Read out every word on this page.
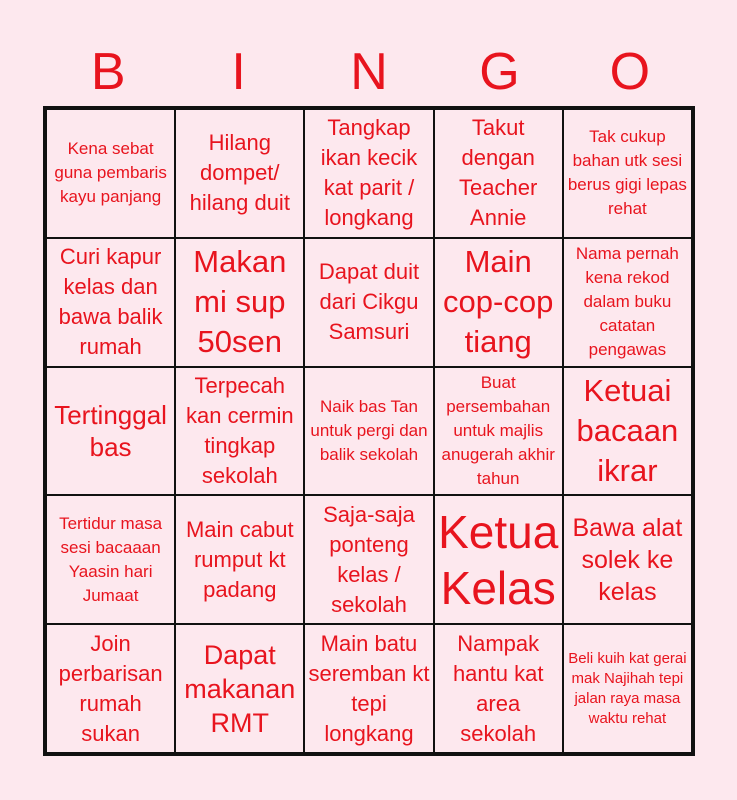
B	I	N	G	O
Kena sebat guna pembaris kayu panjang
Hilang dompet/ hilang duit
Tangkap ikan kecik kat parit / longkang
Takut dengan Teacher Annie
Tak cukup bahan utk sesi berus gigi lepas rehat
Curi kapur kelas dan bawa balik rumah
Makan mi sup 50sen
Dapat duit dari Cikgu Samsuri
Main cop-cop tiang
Nama pernah kena rekod dalam buku catatan pengawas
Tertinggal bas
Terpecah kan cermin tingkap sekolah
Naik bas Tan untuk pergi dan balik sekolah
Buat persembahan untuk majlis anugerah akhir tahun
Ketuai bacaan ikrar
Tertidur masa sesi bacaaan Yaasin hari Jumaat
Main cabut rumput kt padang
Saja-saja ponteng kelas / sekolah
Ketua Kelas
Bawa alat solek ke kelas
Join perbarisan rumah sukan
Dapat makanan RMT
Main batu seremban kt tepi longkang
Nampak hantu kat area sekolah
Beli kuih kat gerai mak Najihah tepi jalan raya masa waktu rehat
